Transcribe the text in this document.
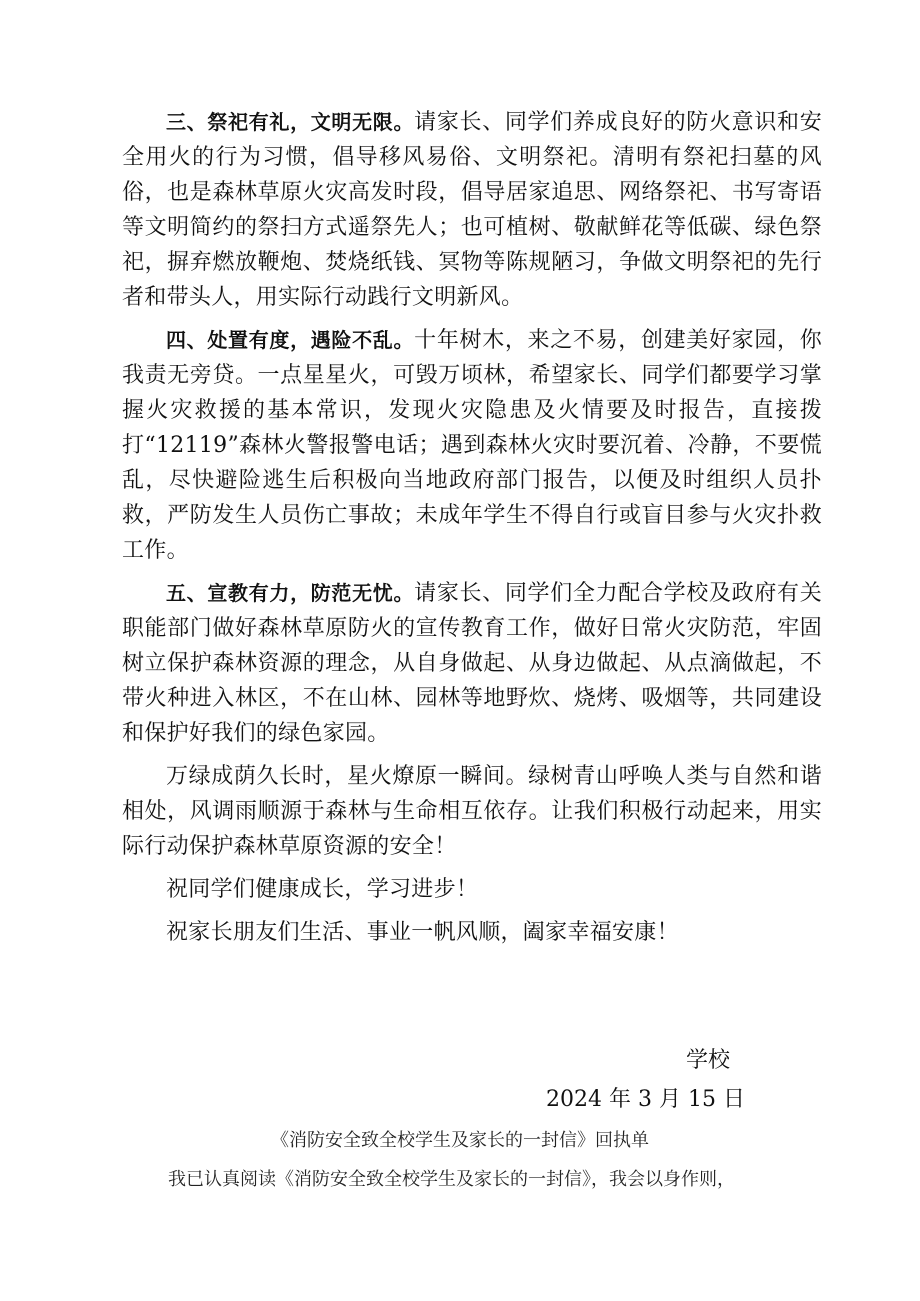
三、祭祀有礼，文明无限。请家长、同学们养成良好的防火意识和安全用火的行为习惯，倡导移风易俗、文明祭祀。清明有祭祀扫墓的风俗，也是森林草原火灾高发时段，倡导居家追思、网络祭祀、书写寄语等文明简约的祭扫方式遥祭先人；也可植树、敬献鲜花等低碳、绿色祭祀，摒弃燃放鞭炮、焚烧纸钱、冥物等陈规陋习，争做文明祭祀的先行者和带头人，用实际行动践行文明新风。

四、处置有度，遇险不乱。十年树木，来之不易，创建美好家园，你我责无旁贷。一点星星火，可毁万顷林，希望家长、同学们都要学习掌握火灾救援的基本常识，发现火灾隐患及火情要及时报告，直接拨打“12119”森林火警报警电话；遇到森林火灾时要沉着、冷静，不要慌乱，尽快避险逃生后积极向当地政府部门报告，以便及时组织人员扑救，严防发生人员伤亡事故；未成年学生不得自行或盲目参与火灾扑救工作。

五、宣教有力，防范无忧。请家长、同学们全力配合学校及政府有关职能部门做好森林草原防火的宣传教育工作，做好日常火灾防范，牢固树立保护森林资源的理念，从自身做起、从身边做起、从点滴做起，不带火种进入林区，不在山林、园林等地野炊、烧烤、吸烟等，共同建设和保护好我们的绿色家园。

万绿成荫久长时，星火燎原一瞬间。绿树青山呼唤人类与自然和谐相处，风调雨顺源于森林与生命相互依存。让我们积极行动起来，用实际行动保护森林草原资源的安全！

祝同学们健康成长，学习进步！

祝家长朋友们生活、事业一帆风顺，阖家幸福安康！

学校

2024 年 3 月 15 日

《消防安全致全校学生及家长的一封信》回执单

我已认真阅读《消防安全致全校学生及家长的一封信》，我会以身作则，
